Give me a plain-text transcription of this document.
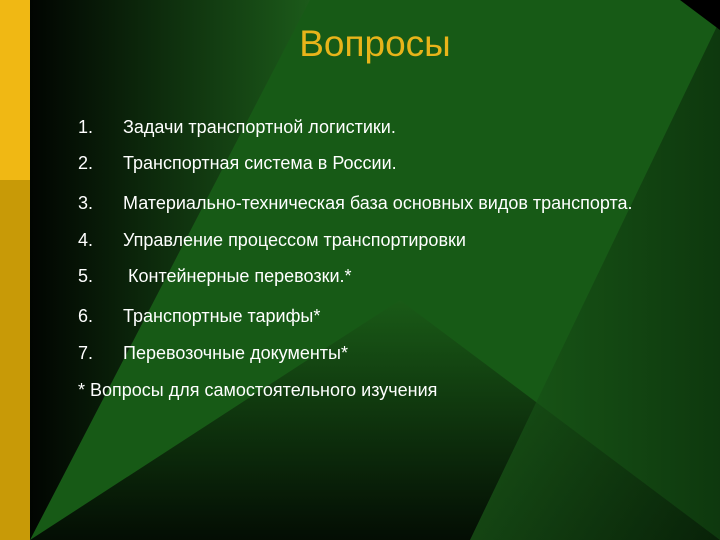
Вопросы
1. Задачи транспортной логистики.
2. Транспортная система в России.
3. Материально-техническая база основных видов транспорта.
4. Управление процессом транспортировки
5. Контейнерные перевозки.*
6. Транспортные тарифы*
7. Перевозочные документы*
* Вопросы для самостоятельного изучения
